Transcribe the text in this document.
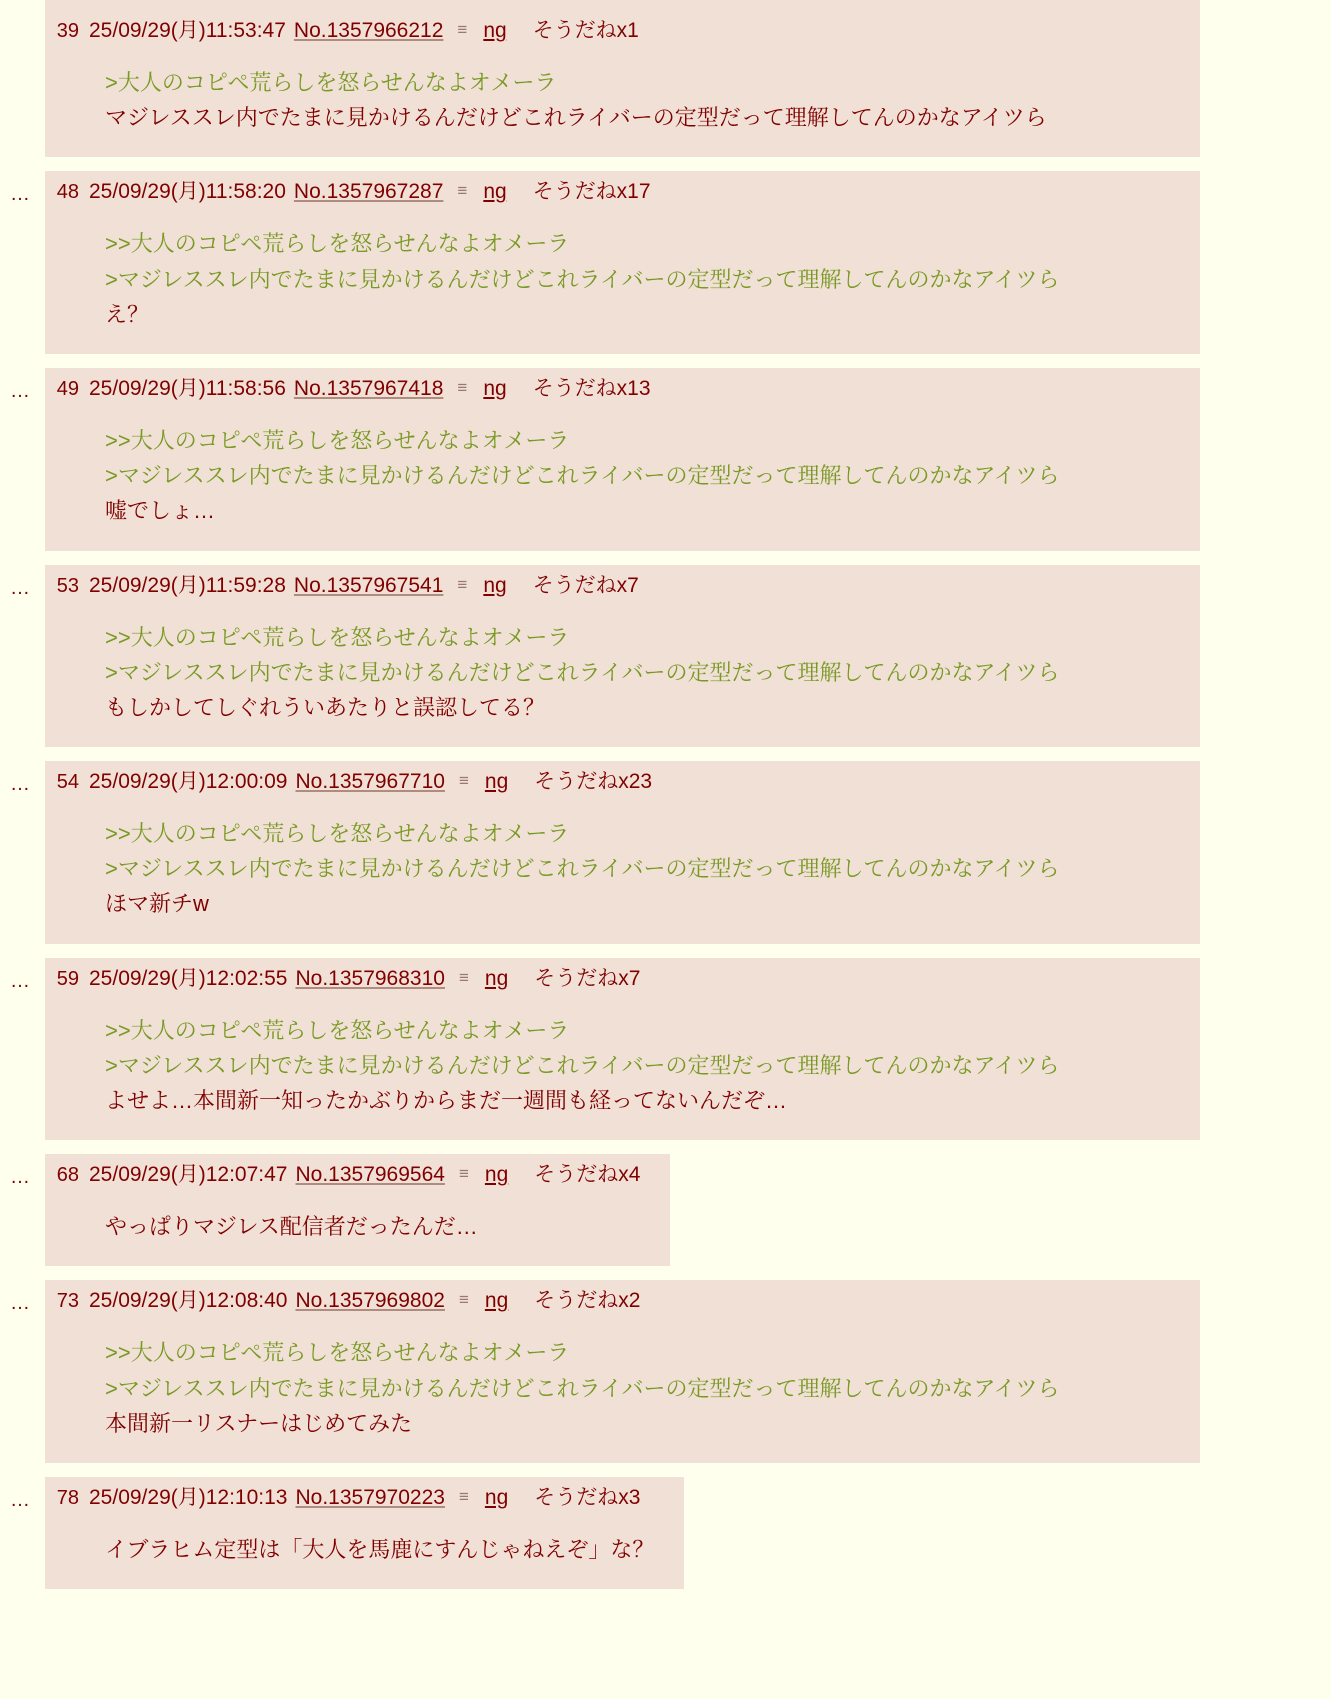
39 25/09/29(月)11:53:47 No.1357966212 ≡ ng そうだねx1
>大人のコピペ荒らしを怒らせんなよオメーラ
マジレススレ内でたまに見かけるんだけどこれライバーの定型だって理解してんのかなアイツら
…	48 25/09/29(月)11:58:20 No.1357967287 ≡ ng そうだねx17
>>大人のコピペ荒らしを怒らせんなよオメーラ
>マジレススレ内でたまに見かけるんだけどこれライバーの定型だって理解してんのかなアイツら
え？
…	49 25/09/29(月)11:58:56 No.1357967418 ≡ ng そうだねx13
>>大人のコピペ荒らしを怒らせんなよオメーラ
>マジレススレ内でたまに見かけるんだけどこれライバーの定型だって理解してんのかなアイツら
嘘でしょ…
…	53 25/09/29(月)11:59:28 No.1357967541 ≡ ng そうだねx7
>>大人のコピペ荒らしを怒らせんなよオメーラ
>マジレススレ内でたまに見かけるんだけどこれライバーの定型だって理解してんのかなアイツら
もしかしてしぐれういあたりと誤認してる？
…	54 25/09/29(月)12:00:09 No.1357967710 ≡ ng そうだねx23
>>大人のコピペ荒らしを怒らせんなよオメーラ
>マジレススレ内でたまに見かけるんだけどこれライバーの定型だって理解してんのかなアイツら
ほマ新チw
…	59 25/09/29(月)12:02:55 No.1357968310 ≡ ng そうだねx7
>>大人のコピペ荒らしを怒らせんなよオメーラ
>マジレススレ内でたまに見かけるんだけどこれライバーの定型だって理解してんのかなアイツら
よせよ…本間新一知ったかぶりからまだ一週間も経ってないんだぞ…
…	68 25/09/29(月)12:07:47 No.1357969564 ≡ ng そうだねx4
やっぱりマジレス配信者だったんだ…
…	73 25/09/29(月)12:08:40 No.1357969802 ≡ ng そうだねx2
>>大人のコピペ荒らしを怒らせんなよオメーラ
>マジレススレ内でたまに見かけるんだけどこれライバーの定型だって理解してんのかなアイツら
本間新一リスナーはじめてみた
…	78 25/09/29(月)12:10:13 No.1357970223 ≡ ng そうだねx3
イブラヒム定型は「大人を馬鹿にすんじゃねえぞ」な？
